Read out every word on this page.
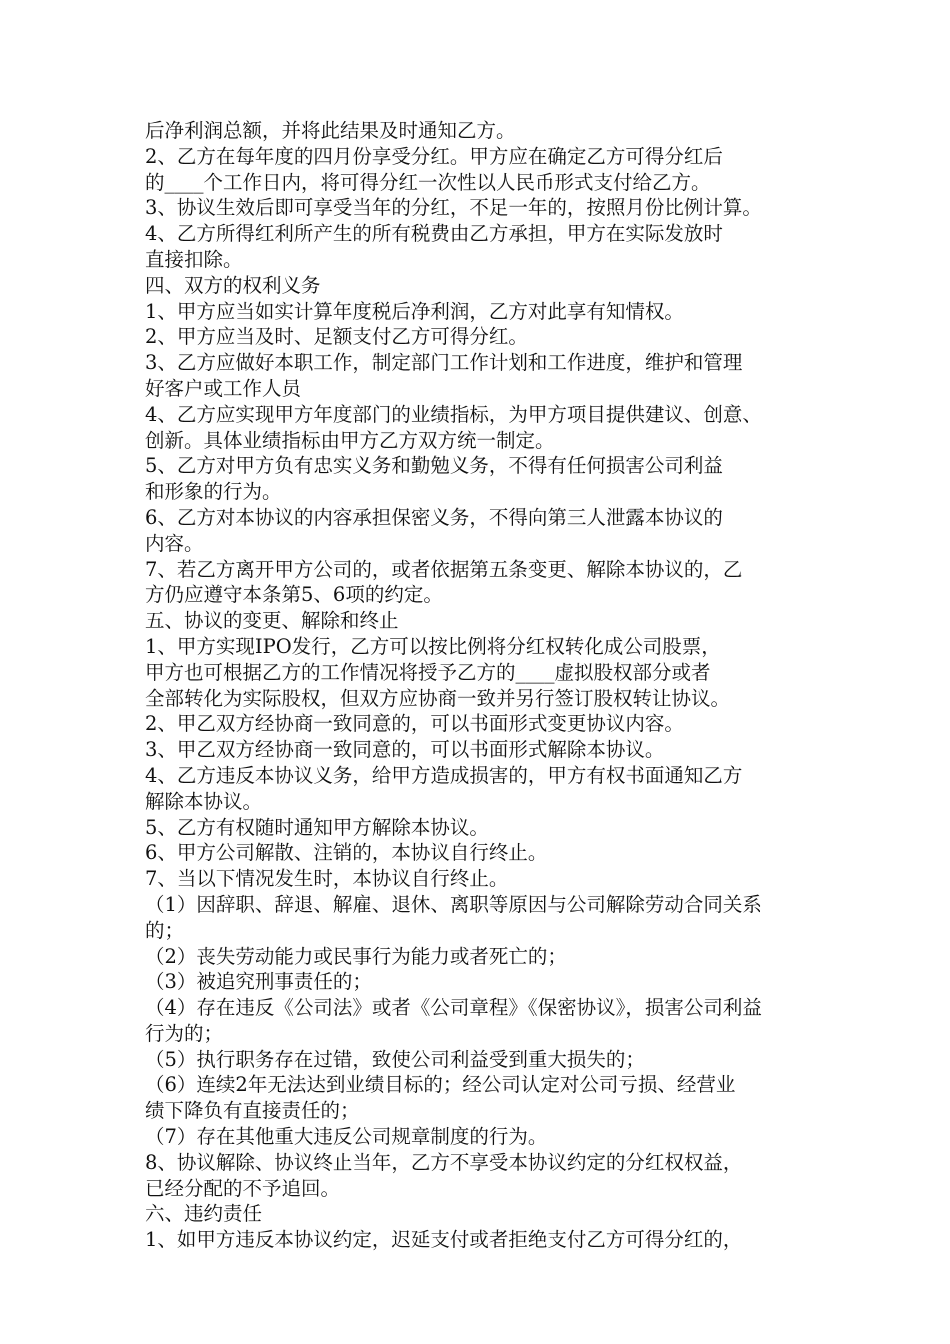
后净利润总额，并将此结果及时通知乙方。
2、乙方在每年度的四月份享受分红。甲方应在确定乙方可得分红后
的____个工作日内，将可得分红一次性以人民币形式支付给乙方。
3、协议生效后即可享受当年的分红，不足一年的，按照月份比例计算。
4、乙方所得红利所产生的所有税费由乙方承担，甲方在实际发放时
直接扣除。
四、双方的权利义务
1、甲方应当如实计算年度税后净利润，乙方对此享有知情权。
2、甲方应当及时、足额支付乙方可得分红。
3、乙方应做好本职工作，制定部门工作计划和工作进度，维护和管理
好客户或工作人员
4、乙方应实现甲方年度部门的业绩指标，为甲方项目提供建议、创意、
创新。具体业绩指标由甲方乙方双方统一制定。
5、乙方对甲方负有忠实义务和勤勉义务，不得有任何损害公司利益
和形象的行为。
6、乙方对本协议的内容承担保密义务，不得向第三人泄露本协议的
内容。
7、若乙方离开甲方公司的，或者依据第五条变更、解除本协议的，乙
方仍应遵守本条第5、6项的约定。
五、协议的变更、解除和终止
1、甲方实现IPO发行，乙方可以按比例将分红权转化成公司股票，
甲方也可根据乙方的工作情况将授予乙方的____虚拟股权部分或者
全部转化为实际股权，但双方应协商一致并另行签订股权转让协议。
2、甲乙双方经协商一致同意的，可以书面形式变更协议内容。
3、甲乙双方经协商一致同意的，可以书面形式解除本协议。
4、乙方违反本协议义务，给甲方造成损害的，甲方有权书面通知乙方
解除本协议。
5、乙方有权随时通知甲方解除本协议。
6、甲方公司解散、注销的，本协议自行终止。
7、当以下情况发生时，本协议自行终止。
（1）因辞职、辞退、解雇、退休、离职等原因与公司解除劳动合同关系
的；
（2）丧失劳动能力或民事行为能力或者死亡的；
（3）被追究刑事责任的；
（4）存在违反《公司法》或者《公司章程》《保密协议》，损害公司利益
行为的；
（5）执行职务存在过错，致使公司利益受到重大损失的；
（6）连续2年无法达到业绩目标的；经公司认定对公司亏损、经营业
绩下降负有直接责任的；
（7）存在其他重大违反公司规章制度的行为。
8、协议解除、协议终止当年，乙方不享受本协议约定的分红权权益，
已经分配的不予追回。
六、违约责任
1、如甲方违反本协议约定，迟延支付或者拒绝支付乙方可得分红的，
